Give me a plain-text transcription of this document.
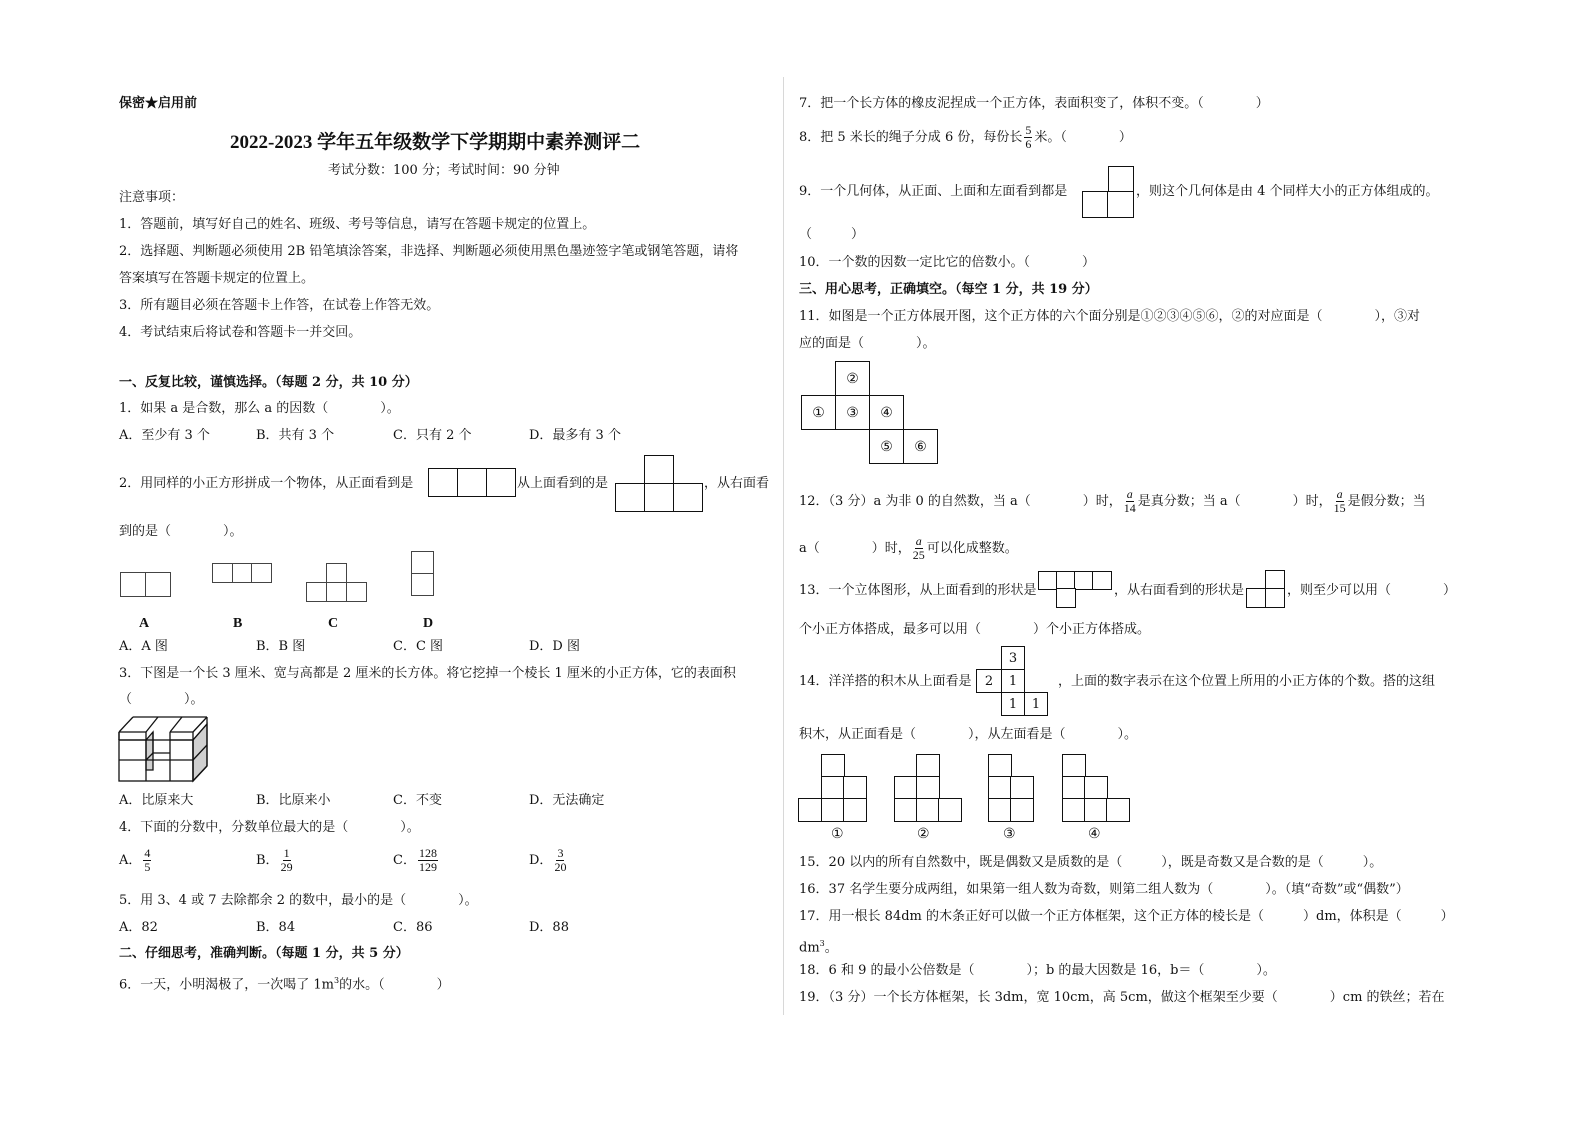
保密★启用前
2022-2023 学年五年级数学下学期期中素养测评二
考试分数：100 分；考试时间：90 分钟
注意事项：
1．答题前，填写好自己的姓名、班级、考号等信息，请写在答题卡规定的位置上。
2．选择题、判断题必须使用 2B 铅笔填涂答案，非选择、判断题必须使用黑色墨迹签字笔或钢笔答题，请将
答案填写在答题卡规定的位置上。
3．所有题目必须在答题卡上作答，在试卷上作答无效。
4．考试结束后将试卷和答题卡一并交回。
一、反复比较，谨慎选择。（每题 2 分，共 10 分）
1．如果 a 是合数，那么 a 的因数（　　　　）。
A．至少有 3 个	B．共有 3 个	C．只有 2 个	D．最多有 3 个
2．用同样的小正方形拼成一个物体，从正面看到是	从上面看到的是	，从右面看
到的是（　　　　）。
A	B	C	D
A．A 图	B．B 图	C．C 图	D．D 图
3．下图是一个长 3 厘米、宽与高都是 2 厘米的长方体。将它挖掉一个棱长 1 厘米的小正方体，它的表面积
（　　　　）。
A．比原来大	B．比原来小	C．不变	D．无法确定
4．下面的分数中，分数单位最大的是（　　　　）。
A． $\frac{4}{5}$	B． $\frac{1}{29}$	C． $\frac{128}{129}$	D． $\frac{3}{20}$
5．用 3、4 或 7 去除都余 2 的数中，最小的是（　　　　）。
A．82	B．84	C．86	D．88
二、仔细思考，准确判断。（每题 1 分，共 5 分）
6．一天，小明渴极了，一次喝了 $1m^3$的水。（　　　　）
7．把一个长方体的橡皮泥捏成一个正方体，表面积变了，体积不变。（　　　　）
8．把 5 米长的绳子分成 6 份，每份长 $\frac{5}{6}$ 米。（　　　　）
9．一个几何体，从正面、上面和左面看到都是	，则这个几何体是由 4 个同样大小的正方体组成的。
（　　　）
10．一个数的因数一定比它的倍数小。（　　　　）
三、用心思考，正确填空。（每空 1 分，共 19 分）
11．如图是一个正方体展开图，这个正方体的六个面分别是①②③④⑤⑥，②的对应面是（　　　　），③对
应的面是（　　　　）。
②
①	③	④
⑤	⑥
12．（3 分）a 为非 0 的自然数，当 a（　　　　）时， $\frac{a}{14}$ 是真分数；当 a（　　　　）时， $\frac{a}{15}$ 是假分数；当
a（　　　　）时， $\frac{a}{25}$ 可以化成整数。
13．一个立体图形，从上面看到的形状是	，从右面看到的形状是	，则至少可以用（　　　　）
个小正方体搭成，最多可以用（　　　　）个小正方体搭成。
14．洋洋搭的积木从上面看是
3
2	1
1	1
，上面的数字表示在这个位置上所用的小正方体的个数。搭的这组
积木，从正面看是（　　　　），从左面看是（　　　　）。
①	②	③	④
15．20 以内的所有自然数中，既是偶数又是质数的是（　　　），既是奇数又是合数的是（　　　）。
16．37 名学生要分成两组，如果第一组人数为奇数，则第二组人数为（　　　　）。（填“奇数”或“偶数”）
17．用一根长 84dm 的木条正好可以做一个正方体框架，这个正方体的棱长是（　　　）dm，体积是（　　　）
$dm^3$。
18．6 和 9 的最小公倍数是（　　　　）；b 的最大因数是 16，b＝（　　　　）。
19．（3 分）一个长方体框架，长 3dm，宽 10cm，高 5cm，做这个框架至少要（　　　　）cm 的铁丝；若在
